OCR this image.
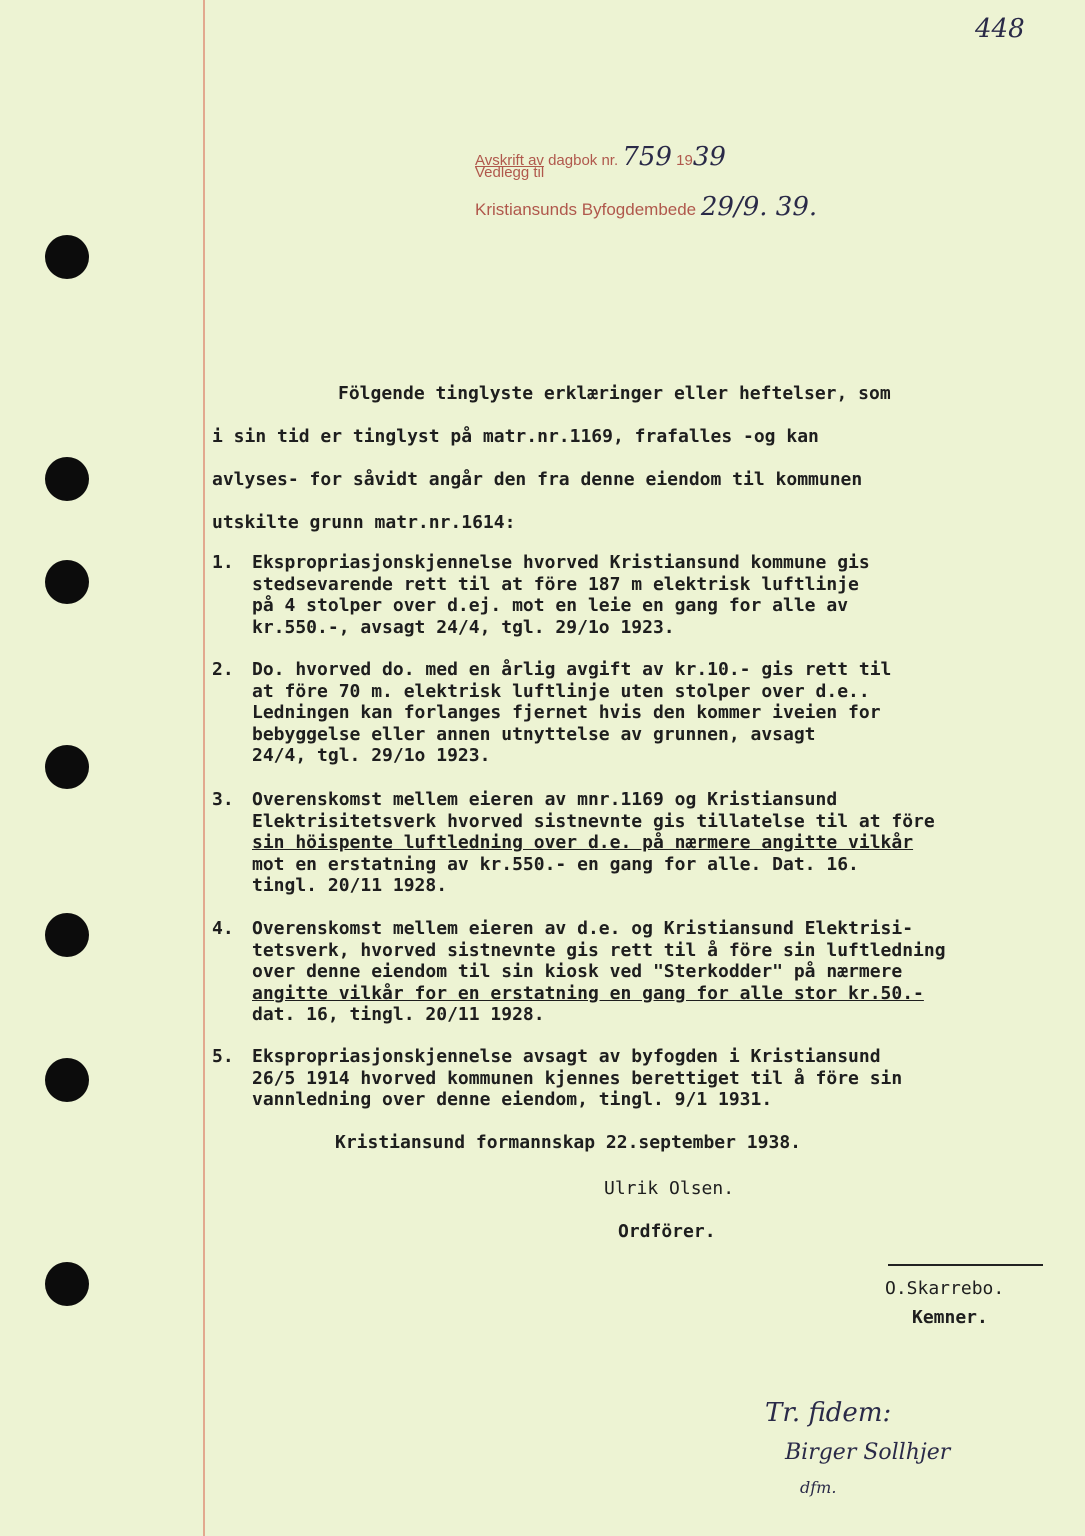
448
Avskrift av dagbok nr. 759 1939
Vedlegg til
Kristiansunds Byfogdembede 29/9. 39.
Fölgende tinglyste erklæringer eller heftelser, som
i sin tid er tinglyst på matr.nr.1169, frafalles -og kan
avlyses- for såvidt angår den fra denne eiendom til kommunen
utskilte grunn matr.nr.1614:
1. Ekspropriasjonskjennelse hvorved Kristiansund kommune gis
stedsevarende rett til at före 187 m elektrisk luftlinje
på 4 stolper over d.ej. mot en leie en gang for alle av
kr.550.-, avsagt 24/4, tgl. 29/1o 1923.
2. Do. hvorved do. med en årlig avgift av kr.10.- gis rett til
at före 70 m. elektrisk luftlinje uten stolper over d.e..
Ledningen kan forlanges fjernet hvis den kommer iveien for
bebyggelse eller annen utnyttelse av grunnen, avsagt
24/4, tgl. 29/1o 1923.
3. Overenskomst mellem eieren av mnr.1169 og Kristiansund
Elektrisitetsverk hvorved sistnevnte gis tillatelse til at före
sin höispente luftledning over d.e. på nærmere angitte vilkår
mot en erstatning av kr.550.- en gang for alle. Dat. 16.
tingl. 20/11 1928.
4. Overenskomst mellem eieren av d.e. og Kristiansund Elektrisi-
tetsverk, hvorved sistnevnte gis rett til å före sin luftledning
over denne eiendom til sin kiosk ved "Sterkodder" på nærmere
angitte vilkår for en erstatning en gang for alle stor kr.50.-
dat. 16, tingl. 20/11 1928.
5. Ekspropriasjonskjennelse avsagt av byfogden i Kristiansund
26/5 1914 hvorved kommunen kjennes berettiget til å före sin
vannledning over denne eiendom, tingl. 9/1 1931.
Kristiansund formannskap 22.september 1938.
Ulrik Olsen.
Ordförer.
O.Skarrebo.
Kemner.
Tr. fidem:
Birger Sollhjer
dfm.
